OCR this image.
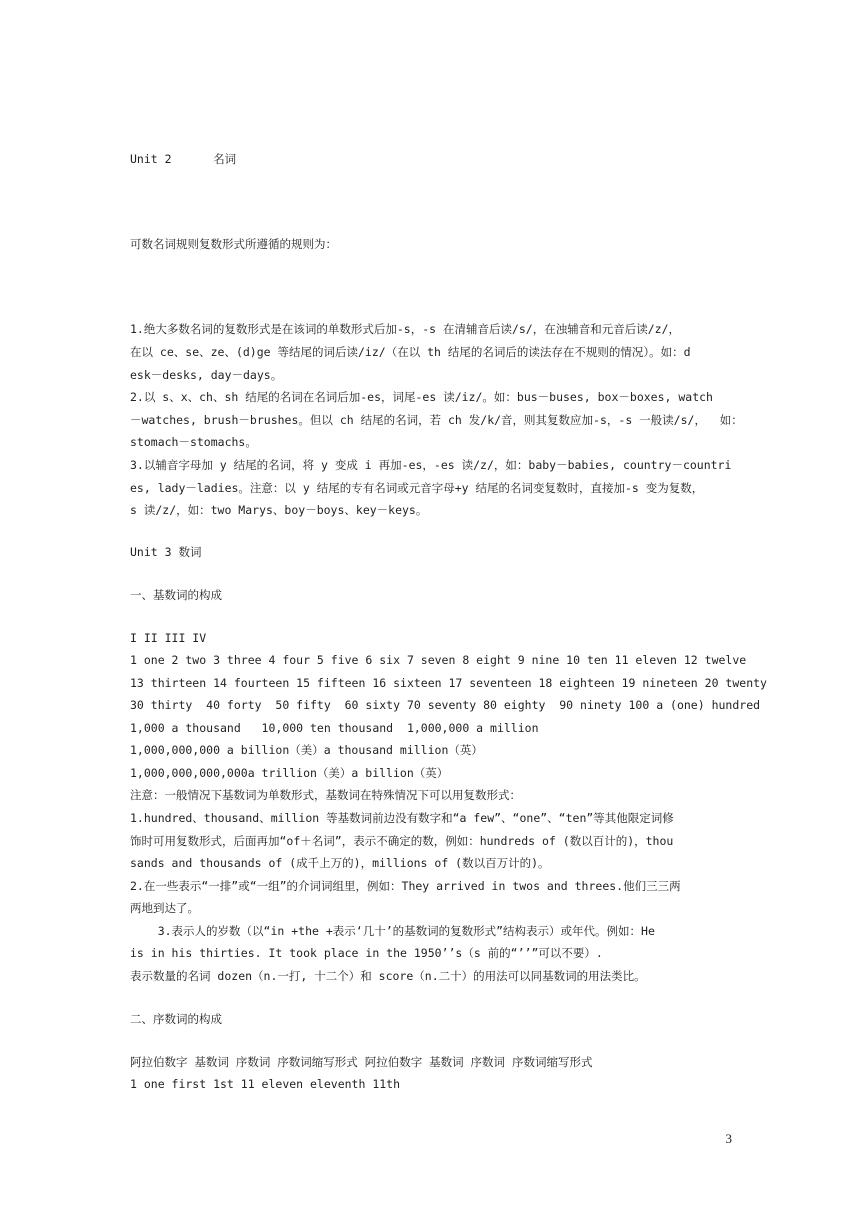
Unit 2      名词
可数名词规则复数形式所遵循的规则为：
1.绝大多数名词的复数形式是在该词的单数形式后加-s，-s 在清辅音后读/s/，在浊辅音和元音后读/z/，
在以 ce、se、ze、(d)ge 等结尾的词后读/iz/（在以 th 结尾的名词后的读法存在不规则的情况）。如：d
esk－desks, day－days。
2.以 s、x、ch、sh 结尾的名词在名词后加-es，词尾-es 读/iz/。如：bus－buses, box－boxes, watch
－watches, brush－brushes。但以 ch 结尾的名词，若 ch 发/k/音，则其复数应加-s，-s 一般读/s/，  如：
stomach－stomachs。
3.以辅音字母加 y 结尾的名词，将 y 变成 i 再加-es，-es 读/z/，如：baby－babies, country－countri
es, lady－ladies。注意：以 y 结尾的专有名词或元音字母+y 结尾的名词变复数时，直接加-s 变为复数，
s 读/z/，如：two Marys、boy－boys、key－keys。
Unit 3 数词
一、基数词的构成
I II III IV
1 one 2 two 3 three 4 four 5 five 6 six 7 seven 8 eight 9 nine 10 ten 11 eleven 12 twelve
13 thirteen 14 fourteen 15 fifteen 16 sixteen 17 seventeen 18 eighteen 19 nineteen 20 twenty
30 thirty  40 forty  50 fifty  60 sixty 70 seventy 80 eighty  90 ninety 100 a (one) hundred
1,000 a thousand   10,000 ten thousand  1,000,000 a million
1,000,000,000 a billion（美）a thousand million（英）
1,000,000,000,000a trillion（美）a billion（英）
注意：一般情况下基数词为单数形式，基数词在特殊情况下可以用复数形式：
1.hundred、thousand、million 等基数词前边没有数字和“a few”、“one”、“ten”等其他限定词修
饰时可用复数形式，后面再加“of＋名词”，表示不确定的数，例如：hundreds of (数以百计的)，thou
sands and thousands of (成千上万的)，millions of (数以百万计的)。
2.在一些表示“一排”或“一组”的介词词组里，例如：They arrived in twos and threes.他们三三两
两地到达了。
3.表示人的岁数（以“in +the +表示‘几十’的基数词的复数形式”结构表示）或年代。例如：He
is in his thirties. It took place in the 1950’’s（s 前的“’’”可以不要）.
表示数量的名词 dozen（n.一打, 十二个）和 score（n.二十）的用法可以同基数词的用法类比。
二、序数词的构成
阿拉伯数字 基数词 序数词 序数词缩写形式 阿拉伯数字 基数词 序数词 序数词缩写形式
1 one first 1st 11 eleven eleventh 11th
3
